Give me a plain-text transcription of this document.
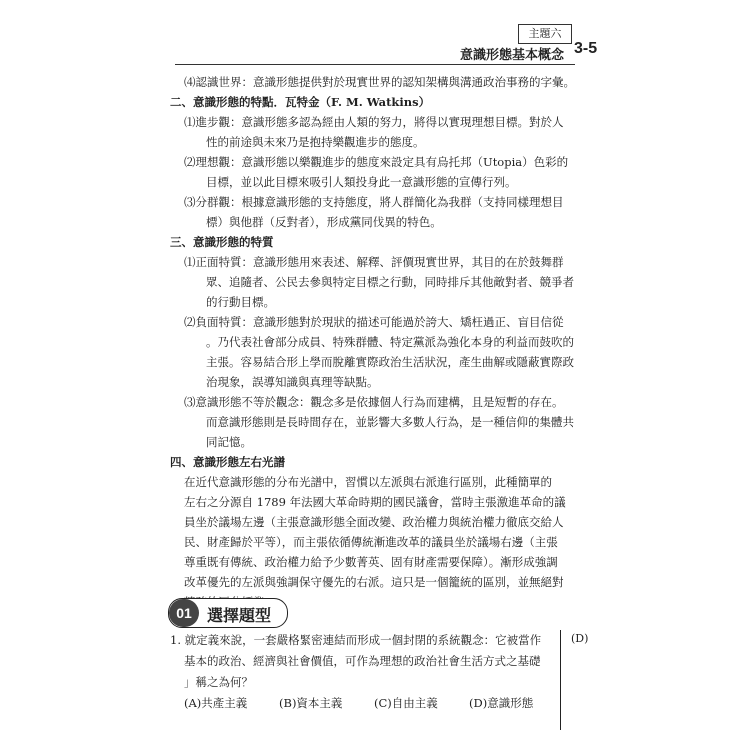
主題六
意識形態基本概念 3-5
⑷認識世界：意識形態提供對於現實世界的認知架構與溝通政治事務的字彙。
二、意識形態的特點．瓦特金（F. M. Watkins）
⑴進步觀：意識形態多認為經由人類的努力，將得以實現理想目標。對於人
性的前途與未來乃是抱持樂觀進步的態度。
⑵理想觀：意識形態以樂觀進步的態度來設定具有烏托邦（Utopia）色彩的
目標，並以此目標來吸引人類投身此一意識形態的宣傳行列。
⑶分群觀：根據意識形態的支持態度，將人群簡化為我群（支持同樣理想目
標）與他群（反對者），形成黨同伐異的特色。
三、意識形態的特質
⑴正面特質：意識形態用來表述、解釋、評價現實世界，其目的在於鼓舞群
眾、追隨者、公民去參與特定目標之行動，同時排斥其他敵對者、競爭者
的行動目標。
⑵負面特質：意識形態對於現狀的描述可能過於誇大、矯枉過正、盲目信從
。乃代表社會部分成員、特殊群體、特定黨派為強化本身的利益而鼓吹的
主張。容易結合形上學而脫離實際政治生活狀況，產生曲解或隱蔽實際政
治現象，誤導知識與真理等缺點。
⑶意識形態不等於觀念：觀念多是依據個人行為而建構，且是短暫的存在。
而意識形態則是長時間存在，並影響大多數人行為，是一種信仰的集體共
同記憶。
四、意識形態左右光譜
在近代意識形態的分布光譜中，習慣以左派與右派進行區別，此種簡單的
左右之分源自 1789 年法國大革命時期的國民議會，當時主張激進革命的議
員坐於議場左邊（主張意識形態全面改變、政治權力與統治權力徹底交給人
民、財產歸於平等），而主張依循傳統漸進改革的議員坐於議場右邊（主張
尊重既有傳統、政治權力給予少數菁英、固有財產需要保障）。漸形成強調
改革優先的左派與強調保守優先的右派。這只是一個籠統的區別，並無絕對
01 選擇題型
1. 就定義來說，一套嚴格緊密連結而形成一個封閉的系統觀念：它被當作
基本的政治、經濟與社會價值，可作為理想的政治社會生活方式之基礎
」稱之為何？
(A)共產主義	(B)資本主義	(C)自由主義	(D)意識形態
(D)
